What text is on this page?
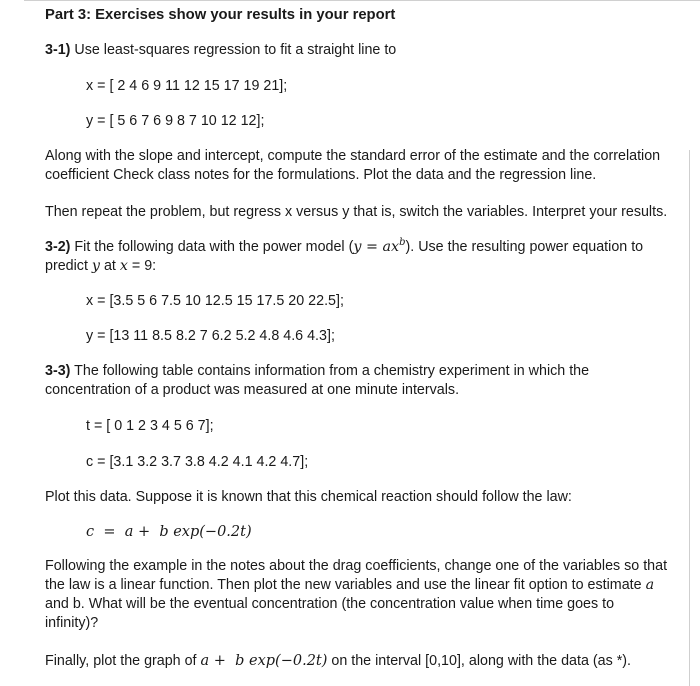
Part 3: Exercises show your results in your report
3-1) Use least-squares regression to fit a straight line to
x = [ 2 4 6 9 11 12 15 17 19 21];
y = [ 5 6 7 6 9 8 7 10 12 12];
Along with the slope and intercept, compute the standard error of the estimate and the correlation
coefficient Check class notes for the formulations. Plot the data and the regression line.
Then repeat the problem, but regress x versus y that is, switch the variables. Interpret your results.
3-2) Fit the following data with the power model $(y = ax^b)$. Use the resulting power equation to
predict y at x = 9:
x = [3.5 5 6 7.5 10 12.5 15 17.5 20 22.5];
y = [13 11 8.5 8.2 7 6.2 5.2 4.8 4.6 4.3];
3-3) The following table contains information from a chemistry experiment in which the
concentration of a product was measured at one minute intervals.
t = [ 0 1 2 3 4 5 6 7];
c = [3.1 3.2 3.7 3.8 4.2 4.1 4.2 4.7];
Plot this data. Suppose it is known that this chemical reaction should follow the law:
c  =  a +  b exp(−0.2t)
Following the example in the notes about the drag coefficients, change one of the variables so that
the law is a linear function. Then plot the new variables and use the linear fit option to estimate a
and b. What will be the eventual concentration (the concentration value when time goes to
infinity)?
Finally, plot the graph of a +  b exp(−0.2t) on the interval [0,10], along with the data (as *).
